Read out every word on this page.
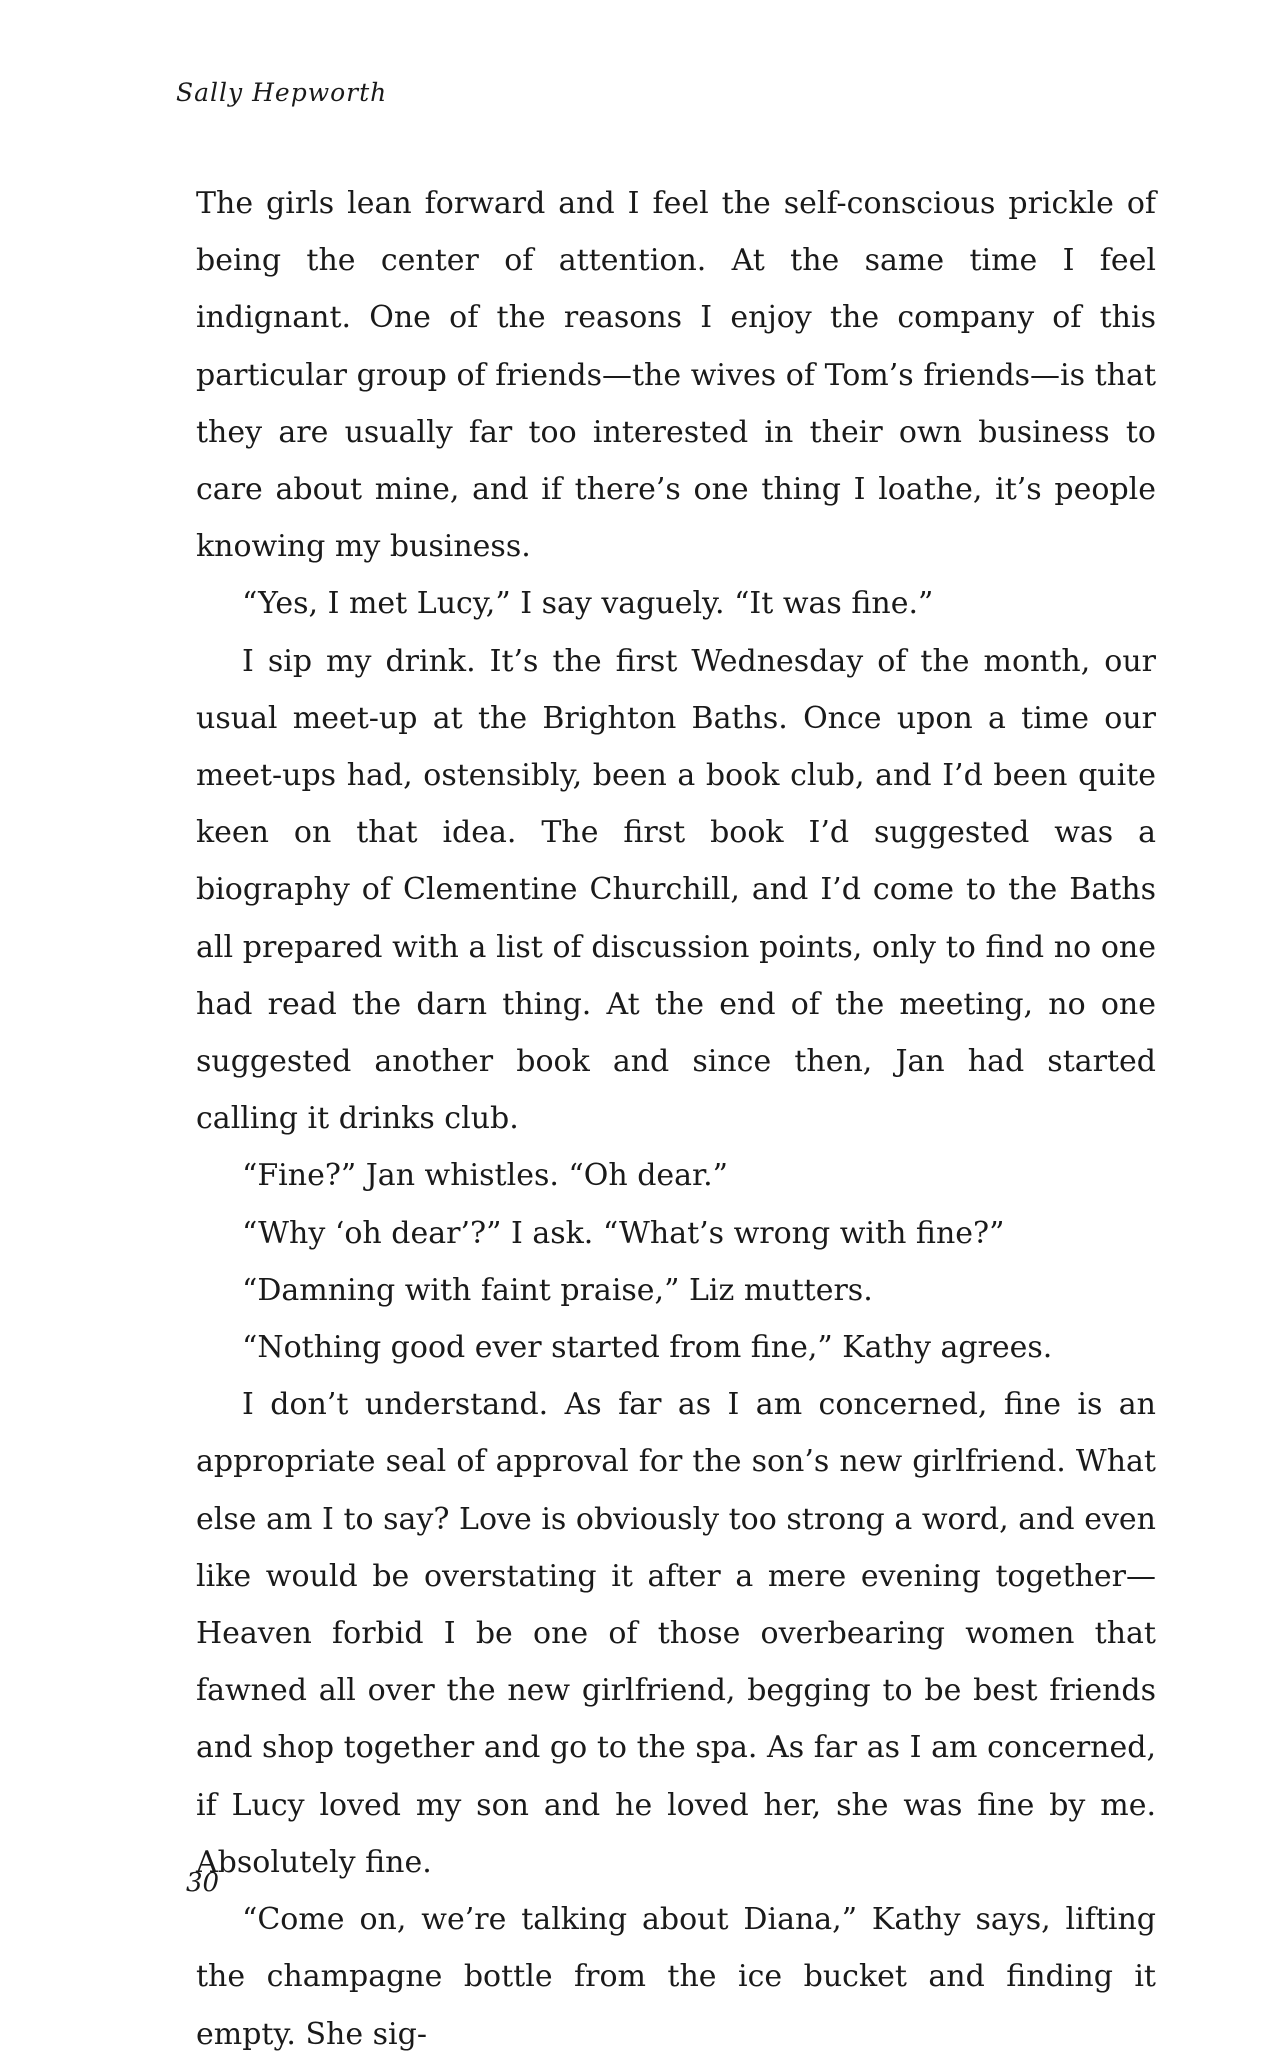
Sally Hepworth

The girls lean forward and I feel the self-conscious prickle of being the center of attention. At the same time I feel indignant. One of the reasons I enjoy the company of this particular group of friends—the wives of Tom’s friends—is that they are usually far too interested in their own business to care about mine, and if there’s one thing I loathe, it’s people knowing my business.

“Yes, I met Lucy,” I say vaguely. “It was fine.”

I sip my drink. It’s the first Wednesday of the month, our usual meet-up at the Brighton Baths. Once upon a time our meet-ups had, ostensibly, been a book club, and I’d been quite keen on that idea. The first book I’d suggested was a biography of Clementine Churchill, and I’d come to the Baths all prepared with a list of discussion points, only to find no one had read the darn thing. At the end of the meeting, no one suggested another book and since then, Jan had started calling it drinks club.

“Fine?” Jan whistles. “Oh dear.”

“Why ‘oh dear’?” I ask. “What’s wrong with fine?”

“Damning with faint praise,” Liz mutters.

“Nothing good ever started from fine,” Kathy agrees.

I don’t understand. As far as I am concerned, fine is an appropriate seal of approval for the son’s new girlfriend. What else am I to say? Love is obviously too strong a word, and even like would be overstating it after a mere evening together—Heaven forbid I be one of those overbearing women that fawned all over the new girlfriend, begging to be best friends and shop together and go to the spa. As far as I am concerned, if Lucy loved my son and he loved her, she was fine by me. Absolutely fine.

“Come on, we’re talking about Diana,” Kathy says, lifting the champagne bottle from the ice bucket and finding it empty. She sig-

30
